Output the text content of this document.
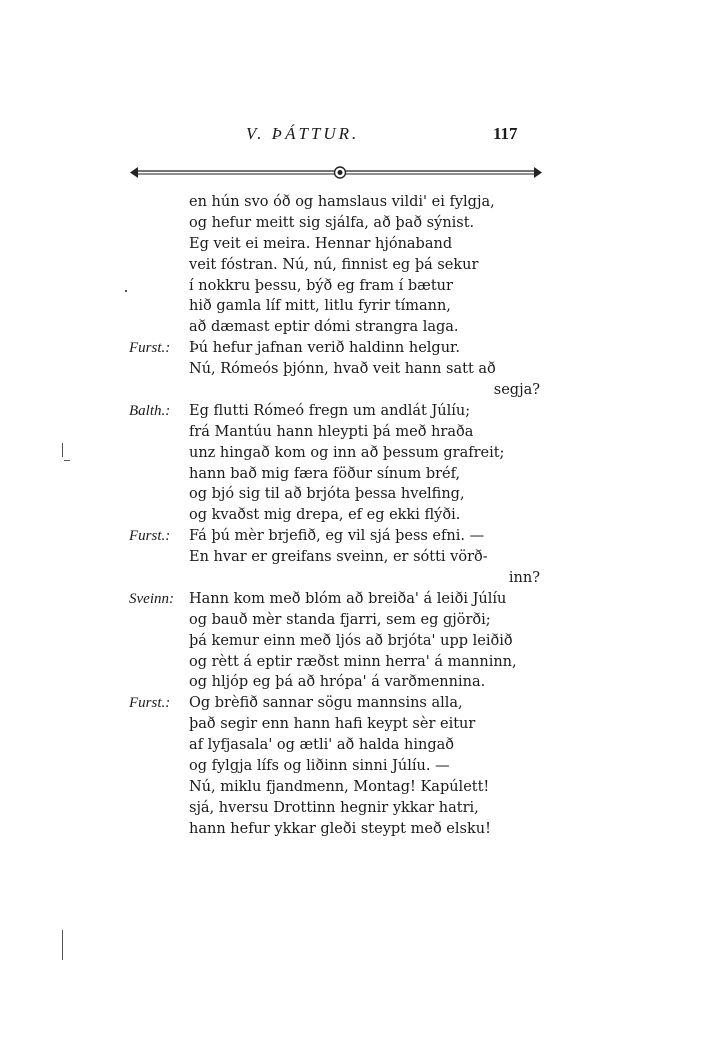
V. ÞÁTTUR.	117
en hún svo óð og hamslaus vildi' ei fylgja,
og hefur meitt sig sjálfa, að það sýnist.
Eg veit ei meira. Hennar hjónaband
veit fóstran. Nú, nú, finnist eg þá sekur
í nokkru þessu, býð eg fram í bætur
hið gamla líf mitt, litlu fyrir tímann,
að dæmast eptir dómi strangra laga.
Furst.: Þú hefur jafnan verið haldinn helgur.
Nú, Rómeós þjónn, hvað veit hann satt að
segja?
Balth.: Eg flutti Rómeó fregn um andlát Júlíu;
frá Mantúu hann hleypti þá með hraða
unz hingað kom og inn að þessum grafreit;
hann bað mig færa föður sínum bréf,
og bjó sig til að brjóta þessa hvelfing,
og kvaðst mig drepa, ef eg ekki flýði.
Furst.: Fá þú mèr brjefið, eg vil sjá þess efni. —
En hvar er greifans sveinn, er sótti vörð-
inn?
Sveinn: Hann kom með blóm að breiða' á leiði Júlíu
og bauð mèr standa fjarri, sem eg gjörði;
þá kemur einn með ljós að brjóta' upp leiðið
og rètt á eptir ræðst minn herra' á manninn,
og hljóp eg þá að hrópa' á varðmennina.
Furst.: Og brèfið sannar sögu mannsins alla,
það segir enn hann hafi keypt sèr eitur
af lyfjasala' og ætli' að halda hingað
og fylgja lífs og liðinn sinni Júlíu. —
Nú, miklu fjandmenn, Montag! Kapúlett!
sjá, hversu Drottinn hegnir ykkar hatri,
hann hefur ykkar gleði steypt með elsku!
